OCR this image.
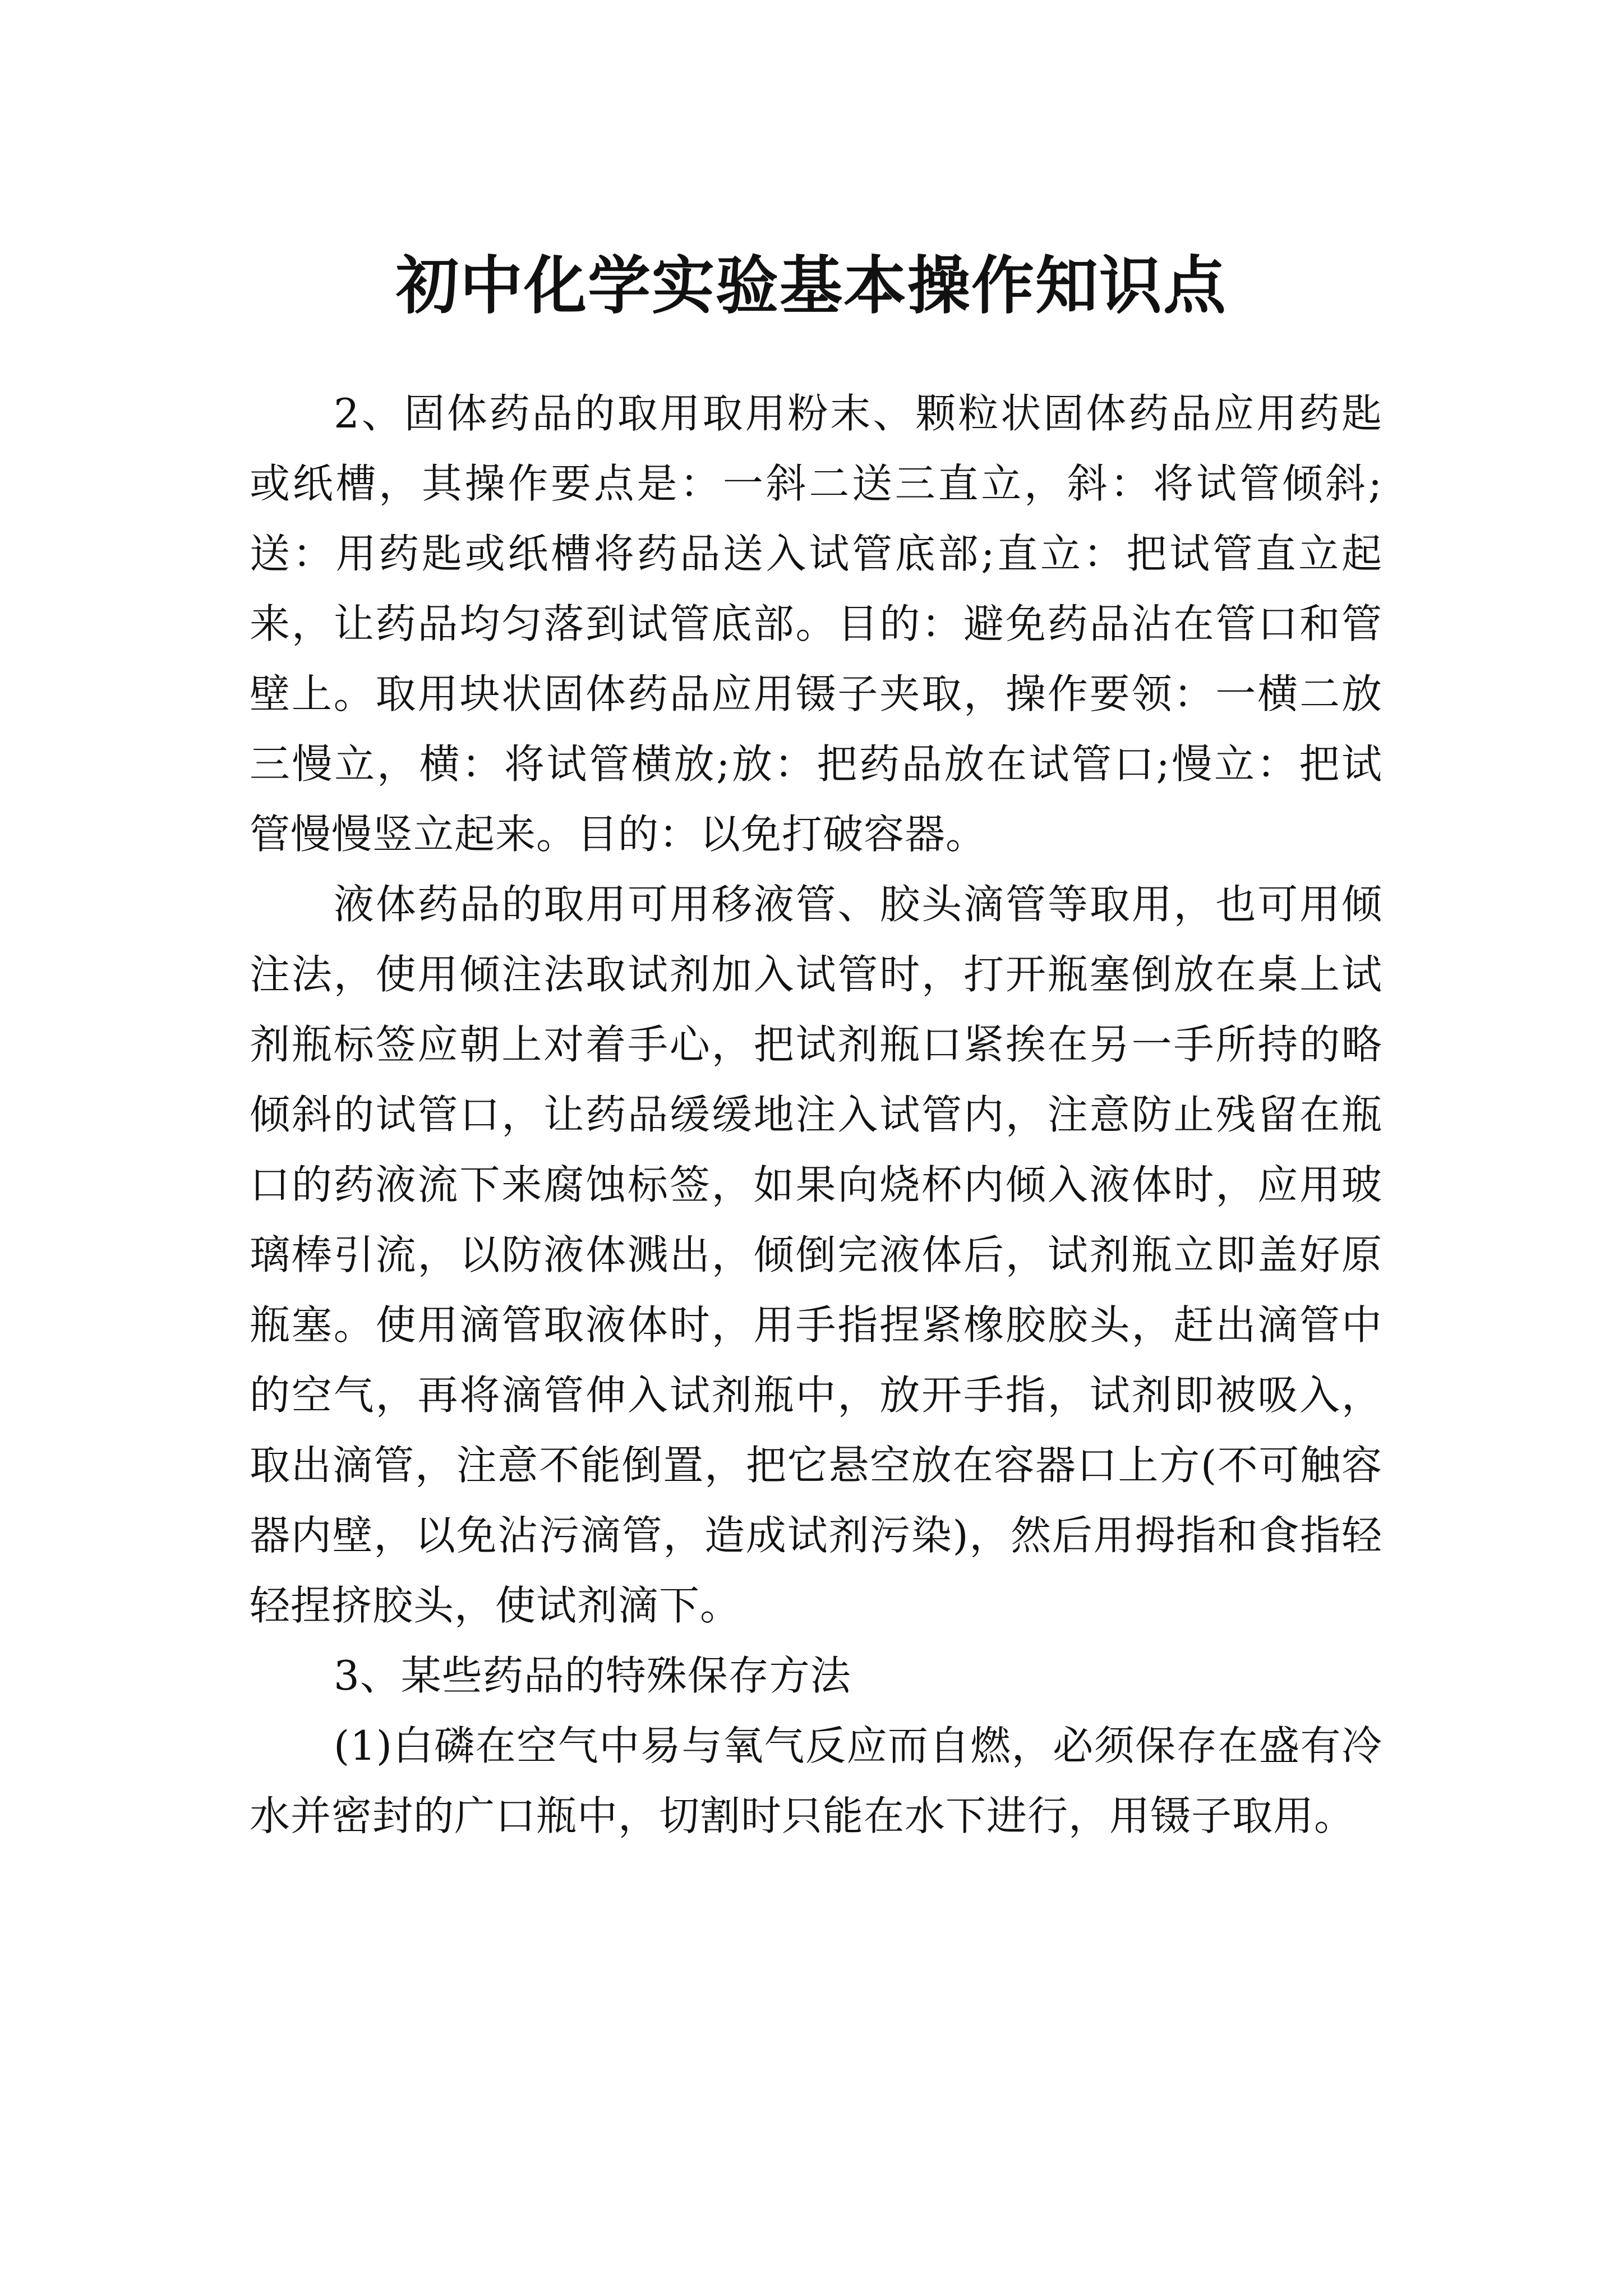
初中化学实验基本操作知识点

2、固体药品的取用取用粉末、颗粒状固体药品应用药匙或纸槽，其操作要点是：一斜二送三直立，斜：将试管倾斜;送：用药匙或纸槽将药品送入试管底部;直立：把试管直立起来，让药品均匀落到试管底部。目的：避免药品沾在管口和管壁上。取用块状固体药品应用镊子夹取，操作要领：一横二放三慢立，横：将试管横放;放：把药品放在试管口;慢立：把试管慢慢竖立起来。目的：以免打破容器。

液体药品的取用可用移液管、胶头滴管等取用，也可用倾注法，使用倾注法取试剂加入试管时，打开瓶塞倒放在桌上试剂瓶标签应朝上对着手心，把试剂瓶口紧挨在另一手所持的略倾斜的试管口，让药品缓缓地注入试管内，注意防止残留在瓶口的药液流下来腐蚀标签，如果向烧杯内倾入液体时，应用玻璃棒引流，以防液体溅出，倾倒完液体后，试剂瓶立即盖好原瓶塞。使用滴管取液体时，用手指捏紧橡胶胶头，赶出滴管中的空气，再将滴管伸入试剂瓶中，放开手指，试剂即被吸入，取出滴管，注意不能倒置，把它悬空放在容器口上方(不可触容器内壁，以免沾污滴管，造成试剂污染)，然后用拇指和食指轻轻捏挤胶头，使试剂滴下。

3、某些药品的特殊保存方法

(1)白磷在空气中易与氧气反应而自燃，必须保存在盛有冷水并密封的广口瓶中，切割时只能在水下进行，用镊子取用。
